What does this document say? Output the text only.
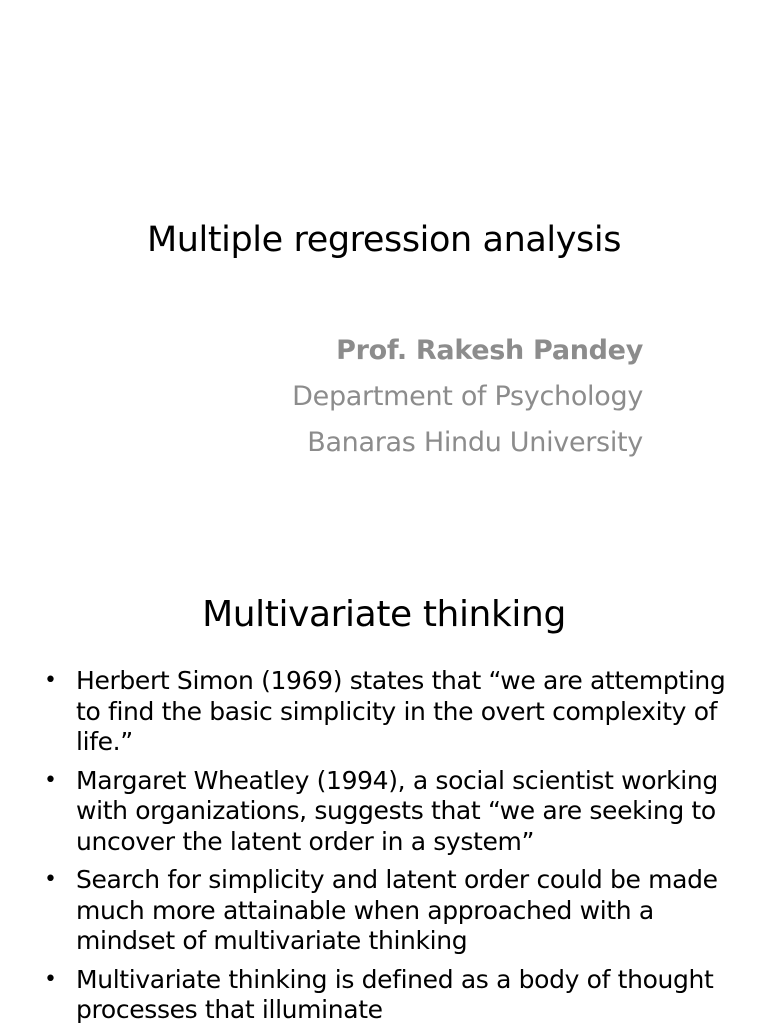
Multiple regression analysis
Prof. Rakesh Pandey
Department of Psychology
Banaras Hindu University
Multivariate thinking
• Herbert Simon (1969) states that “we are attempting to find the basic simplicity in the overt complexity of life.”
• Margaret Wheatley (1994), a social scientist working with organizations, suggests that “we are seeking to uncover the latent order in a system”
• Search for simplicity and latent order could be made much more attainable when approached with a mindset of multivariate thinking
• Multivariate thinking is defined as a body of thought processes that illuminate
